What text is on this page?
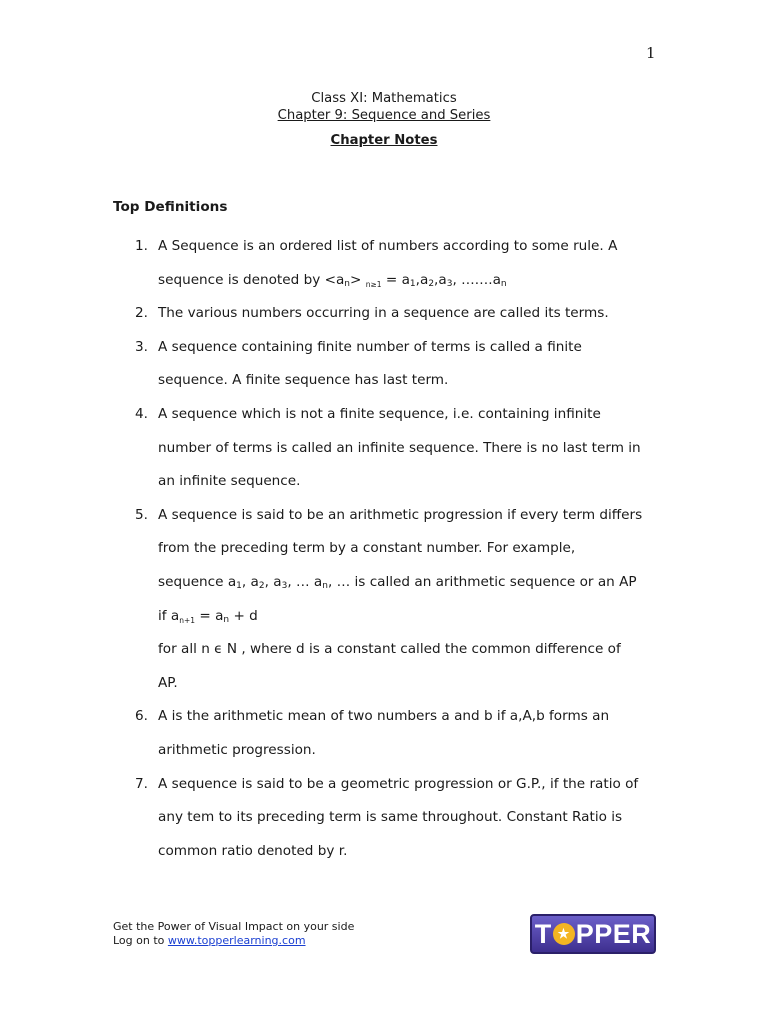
1
Class XI: Mathematics
Chapter 9: Sequence and Series
Chapter Notes
Top Definitions
1. A Sequence is an ordered list of numbers according to some rule. A
sequence is denoted by $<a_n> _{n\ge 1} = a_1,a_2,a_3$, $\dots\dots.a_n$
2. The various numbers occurring in a sequence are called its terms.
3. A sequence containing finite number of terms is called a finite
sequence. A finite sequence has last term.
4. A sequence which is not a finite sequence, i.e. containing infinite
number of terms is called an infinite sequence. There is no last term in
an infinite sequence.
5. A sequence is said to be an arithmetic progression if every term differs
from the preceding term by a constant number. For example,
sequence $a_1$, $a_2$, $a_3$, … $a_n$, … is called an arithmetic sequence or an AP
if $a_{n+1} = a_n + d$
for all n ϵ N , where d is a constant called the common difference of
AP.
6. A is the arithmetic mean of two numbers a and b if a,A,b forms an
arithmetic progression.
7. A sequence is said to be a geometric progression or G.P., if the ratio of
any tem to its preceding term is same throughout. Constant Ratio is
common ratio denoted by r.
Get the Power of Visual Impact on your side
Log on to www.topperlearning.com	T ★ PPER
